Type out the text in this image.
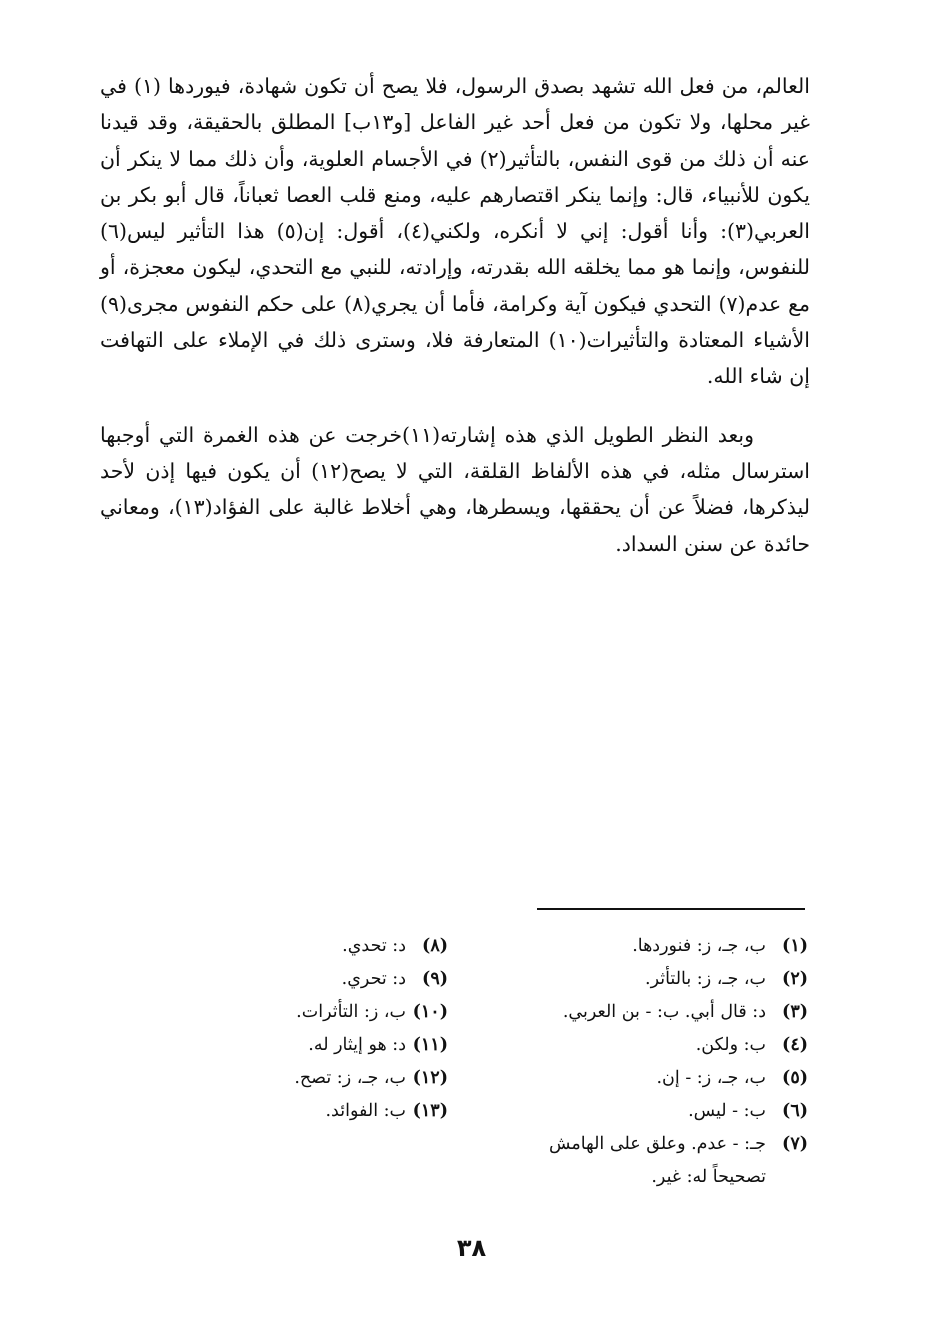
العالم، من فعل الله تشهد بصدق الرسول، فلا يصح أن تكون شهادة، فيوردها (١) في غير محلها، ولا تكون من فعل أحد غير الفاعل [و١٣ب] المطلق بالحقيقة، وقد قيدنا عنه أن ذلك من قوى النفس، بالتأثير(٢) في الأجسام العلوية، وأن ذلك مما لا ينكر أن يكون للأنبياء، قال: وإنما ينكر اقتصارهم عليه، ومنع قلب العصا ثعباناً، قال أبو بكر بن العربي(٣): وأنا أقول: إني لا أنكره، ولكني(٤)، أقول: إن(٥) هذا التأثير ليس(٦) للنفوس، وإنما هو مما يخلقه الله بقدرته، وإرادته، للنبي مع التحدي، ليكون معجزة، أو مع عدم(٧) التحدي فيكون آية وكرامة، فأما أن يجري(٨) على حكم النفوس مجرى(٩) الأشياء المعتادة والتأثيرات(١٠) المتعارفة فلا، وسترى ذلك في الإملاء على التهافت إن شاء الله.

وبعد النظر الطويل الذي هذه إشارته(١١)خرجت عن هذه الغمرة التي أوجبها استرسال مثله، في هذه الألفاظ القلقة، التي لا يصح(١٢) أن يكون فيها إذن لأحد ليذكرها، فضلاً عن أن يحققها، ويسطرها، وهي أخلاط غالبة على الفؤاد(١٣)، ومعاني حائدة عن سنن السداد.

(١)ب، جـ، ز: فنوردها.
(٢)ب، جـ، ز: بالتأثر.
(٣)د: قال أبي. ب: - بن العربي.
(٤)ب: ولكن.
(٥)ب، جـ، ز: - إن.
(٦)ب: - ليس.
(٧)جـ: - عدم. وعلق على الهامش
تصحيحاً له: غير.
(٨)د: تحدي.
(٩)د: تحري.
(١٠)ب، ز: التأثرات.
(١١)د: هو إيثار له.
(١٢)ب، جـ، ز: تصح.
(١٣)ب: الفوائد.
٣٨
